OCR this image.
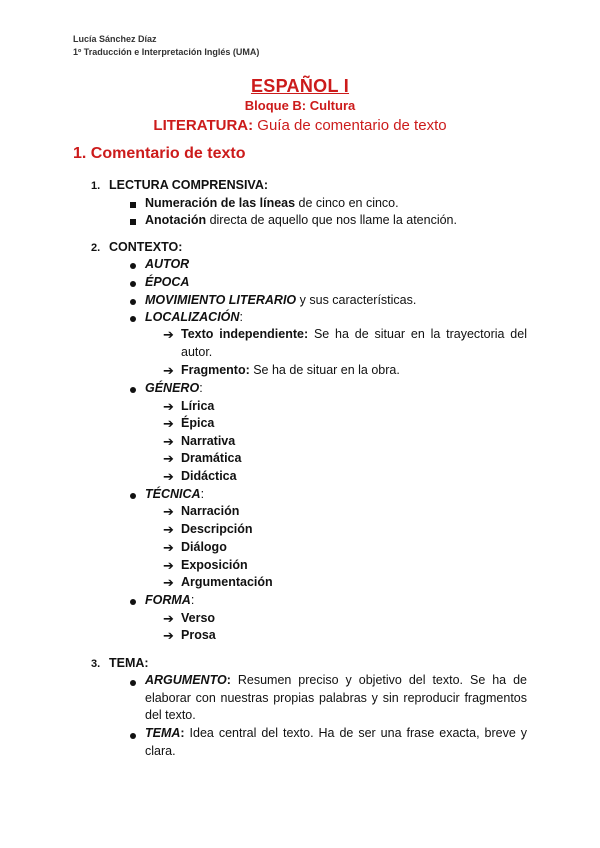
Lucía Sánchez Díaz
1º Traducción e Interpretación Inglés (UMA)
ESPAÑOL I
Bloque B: Cultura
LITERATURA: Guía de comentario de texto
1. Comentario de texto
1. LECTURA COMPRENSIVA:
Numeración de las líneas de cinco en cinco.
Anotación directa de aquello que nos llame la atención.
2. CONTEXTO:
AUTOR
ÉPOCA
MOVIMIENTO LITERARIO y sus características.
LOCALIZACIÓN:
➔ Texto independiente: Se ha de situar en la trayectoria del autor.
➔ Fragmento: Se ha de situar en la obra.
GÉNERO:
➔ Lírica
➔ Épica
➔ Narrativa
➔ Dramática
➔ Didáctica
TÉCNICA:
➔ Narración
➔ Descripción
➔ Diálogo
➔ Exposición
➔ Argumentación
FORMA:
➔ Verso
➔ Prosa
3. TEMA:
ARGUMENTO: Resumen preciso y objetivo del texto. Se ha de elaborar con nuestras propias palabras y sin reproducir fragmentos del texto.
TEMA: Idea central del texto. Ha de ser una frase exacta, breve y clara.
